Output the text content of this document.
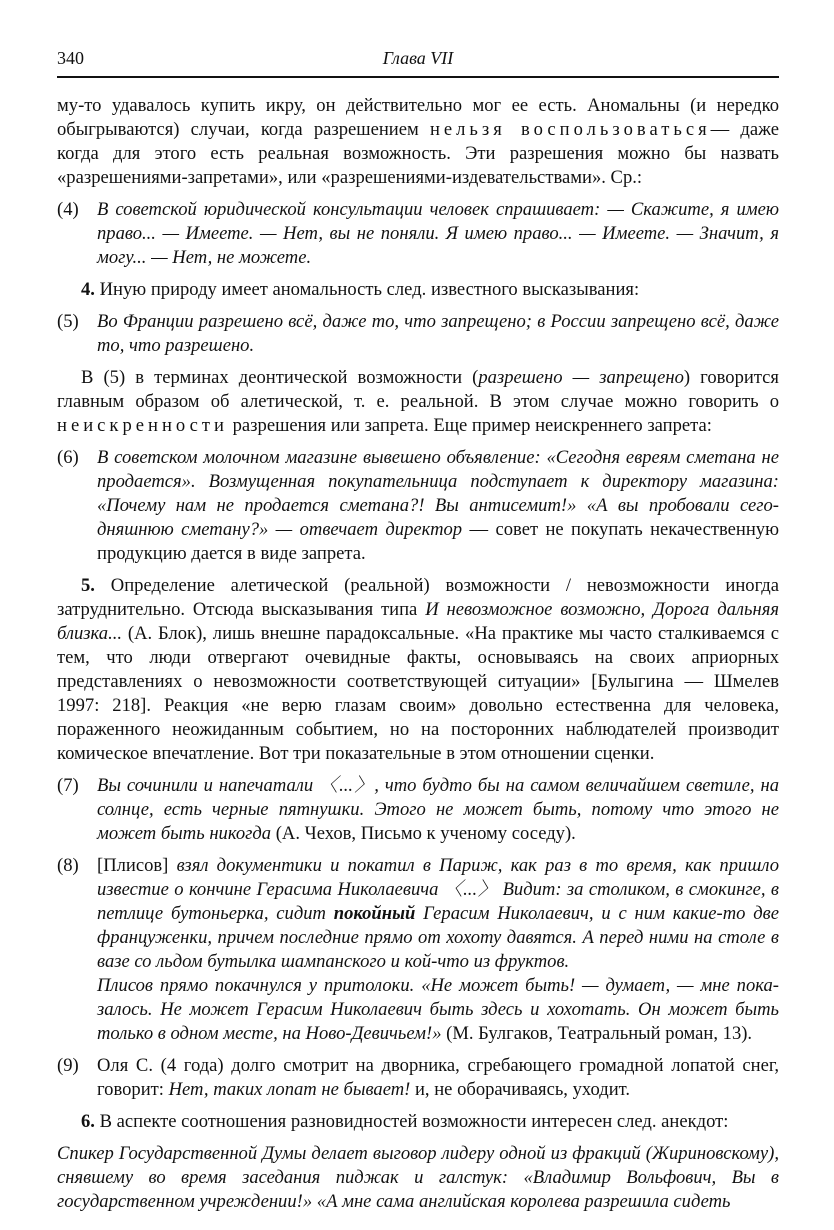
340	Глава VII
му-то удавалось купить икру, он действительно мог ее есть. Аномальны (и нередко обыгрываются) случаи, когда разрешением нельзя воспользоваться— даже когда для этого есть реальная возможность. Эти разрешения можно бы назвать «разрешениями-запретами», или «разрешениями-издевательствами». Ср.:
(4) В советской юридической консультации человек спрашивает: — Скажите, я имею право... — Имеете. — Нет, вы не поняли. Я имею право... — Имеете. — Значит, я могу... — Нет, не можете.
4. Иную природу имеет аномальность след. известного высказывания:
(5) Во Франции разрешено всё, даже то, что запрещено; в России запрещено всё, даже то, что разрешено.
В (5) в терминах деонтической возможности (разрешено — запрещено) говорится главным образом об алетической, т. е. реальной. В этом случае можно говорить о неискренности разрешения или запрета. Еще пример неискреннего запрета:
(6) В советском молочном магазине вывешено объявление: «Сегодня евреям сметана не продается». Возмущенная покупательница подступает к директору магазина: «Почему нам не продается сметана?! Вы антисемит!» «А вы пробовали сегодняшнюю сметану?» — отвечает директор — совет не покупать некачественную продукцию дается в виде запрета.
5. Определение алетической (реальной) возможности / невозможности иногда затруднительно. Отсюда высказывания типа И невозможное возможно, Дорога дальняя близка... (А. Блок), лишь внешне парадоксальные. «На практике мы часто сталкиваемся с тем, что люди отвергают очевидные факты, основываясь на своих априорных представлениях о невозможности соответствующей ситуации» [Булыгина — Шмелев 1997: 218]. Реакция «не верю глазам своим» довольно естественна для человека, пораженного неожиданным событием, но на посторонних наблюдателей производит комическое впечатление. Вот три показательные в этом отношении сценки.
(7) Вы сочинили и напечатали 〈...〉, что будто бы на самом величайшем светиле, на солнце, есть черные пятнушки. Этого не может быть, потому что этого не может быть никогда (А. Чехов, Письмо к ученому соседу).
(8) [Плисов] взял документики и покатил в Париж, как раз в то время, как пришло известие о кончине Герасима Николаевича 〈...〉 Видит: за столиком, в смокинге, в петлице бутоньерка, сидит покойный Герасим Николаевич, и с ним какие-то две француженки, причем последние прямо от хохоту давятся. А перед ними на столе в вазе со льдом бутылка шампанского и кой-что из фруктов.
Плисов прямо покачнулся у притолоки. «Не может быть! — думает, — мне показалось. Не может Герасим Николаевич быть здесь и хохотать. Он может быть только в одном месте, на Ново-Девичьем!» (М. Булгаков, Театральный роман, 13).
(9) Оля С. (4 года) долго смотрит на дворника, сгребающего громадной лопатой снег, говорит: Нет, таких лопат не бывает! и, не оборачиваясь, уходит.
6. В аспекте соотношения разновидностей возможности интересен след. анекдот:
Спикер Государственной Думы делает выговор лидеру одной из фракций (Жириновскому), снявшему во время заседания пиджак и галстук: «Владимир Вольфович, Вы в государственном учреждении!» «А мне сама английская королева разрешила сидеть
